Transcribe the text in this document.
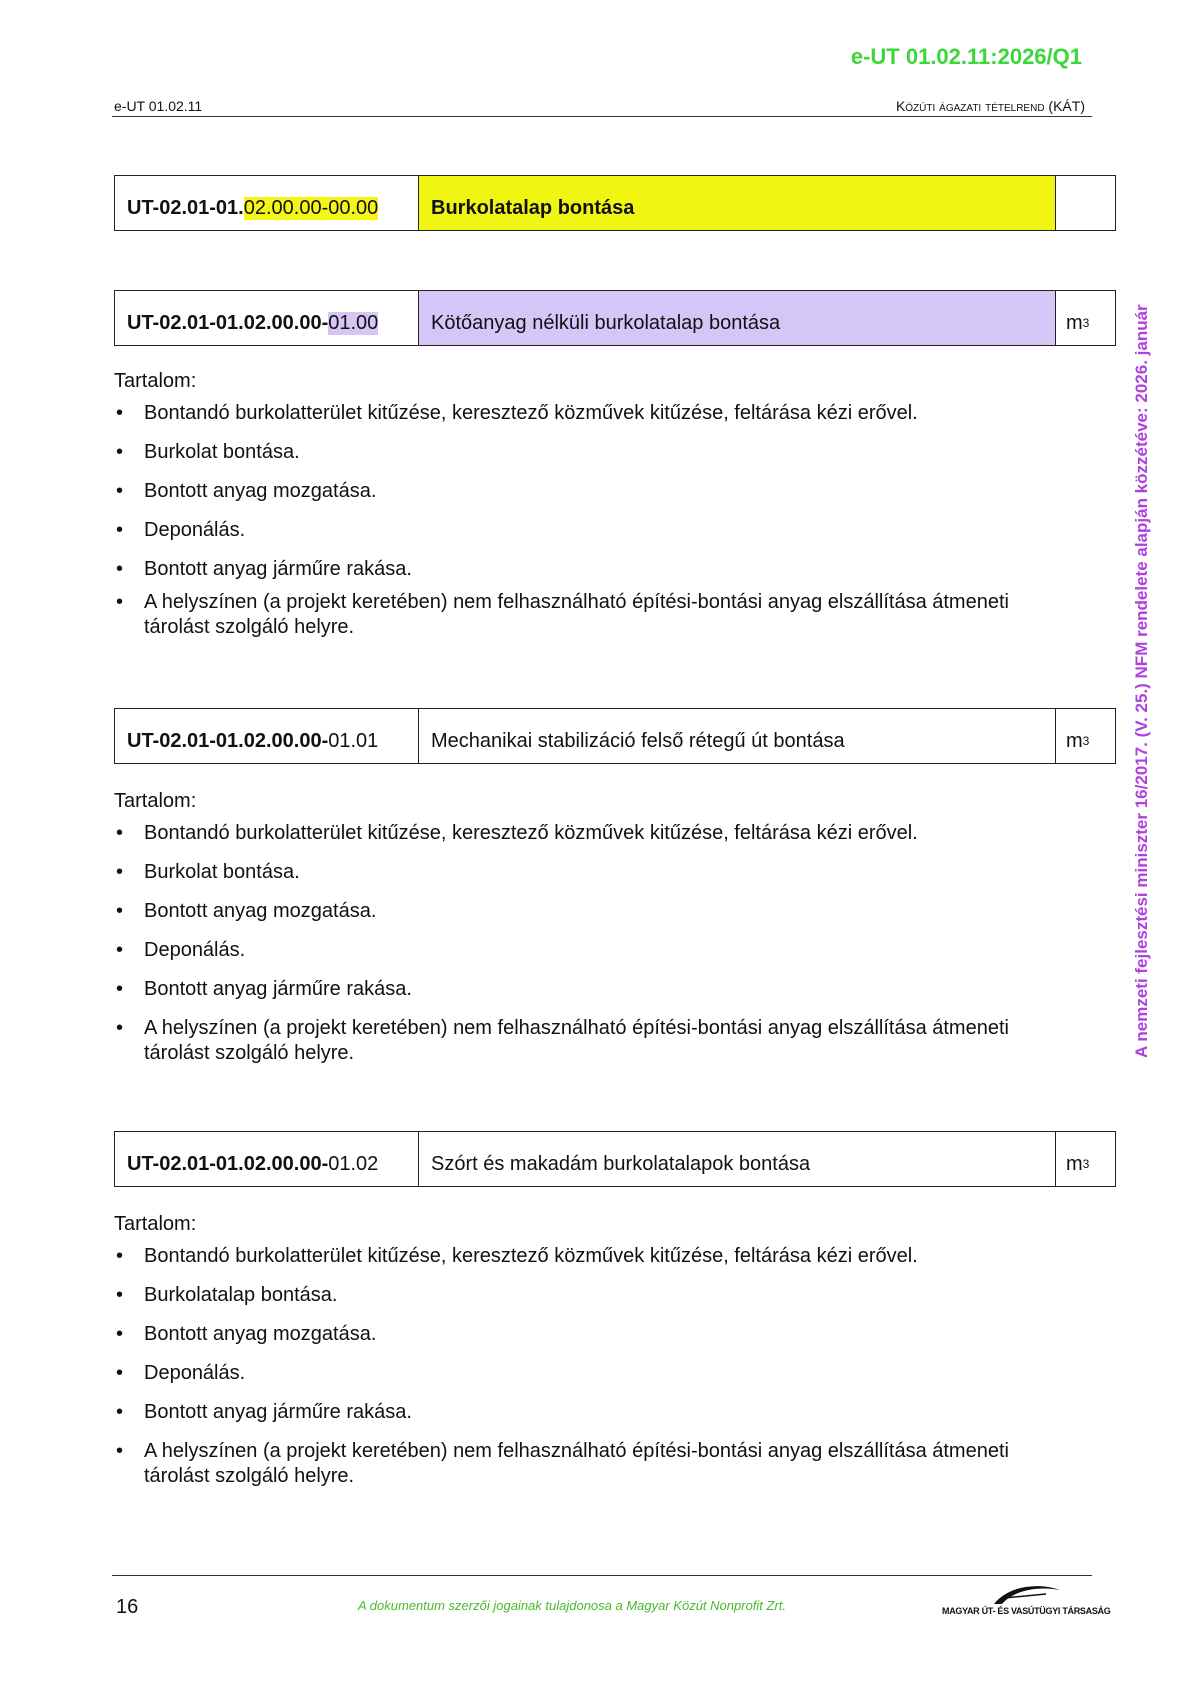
e-UT 01.02.11:2026/Q1
e-UT 01.02.11	Közúti ágazati tételrend (KÁT)
A nemzeti fejlesztési miniszter 16/2017. (V. 25.) NFM rendelete alapján közzétéve: 2026. január
UT-02.01-01. 02.00.00-00.00	Burkolatalap bontása
UT-02.01-01.02.00.00- 01.00	Kötőanyag nélküli burkolatalap bontása	m 3
Tartalom:
• Bontandó burkolatterület kitűzése, keresztező közművek kitűzése, feltárása kézi erővel.
• Burkolat bontása.
• Bontott anyag mozgatása.
• Deponálás.
• Bontott anyag járműre rakása.
• A helyszínen (a projekt keretében) nem felhasználható építési-bontási anyag elszállítása átmeneti tárolást szolgáló helyre.
UT-02.01-01.02.00.00- 01.01	Mechanikai stabilizáció felső rétegű út bontása	m 3
Tartalom:
• Bontandó burkolatterület kitűzése, keresztező közművek kitűzése, feltárása kézi erővel.
• Burkolat bontása.
• Bontott anyag mozgatása.
• Deponálás.
• Bontott anyag járműre rakása.
• A helyszínen (a projekt keretében) nem felhasználható építési-bontási anyag elszállítása átmeneti tárolást szolgáló helyre.
UT-02.01-01.02.00.00- 01.02	Szórt és makadám burkolatalapok bontása	m 3
Tartalom:
• Bontandó burkolatterület kitűzése, keresztező közművek kitűzése, feltárása kézi erővel.
• Burkolatalap bontása.
• Bontott anyag mozgatása.
• Deponálás.
• Bontott anyag járműre rakása.
• A helyszínen (a projekt keretében) nem felhasználható építési-bontási anyag elszállítása átmeneti tárolást szolgáló helyre.
16	A dokumentum szerzői jogainak tulajdonosa a Magyar Közút Nonprofit Zrt.	MAGYAR ÚT- ÉS VASÚTÜGYI TÁRSASÁG
